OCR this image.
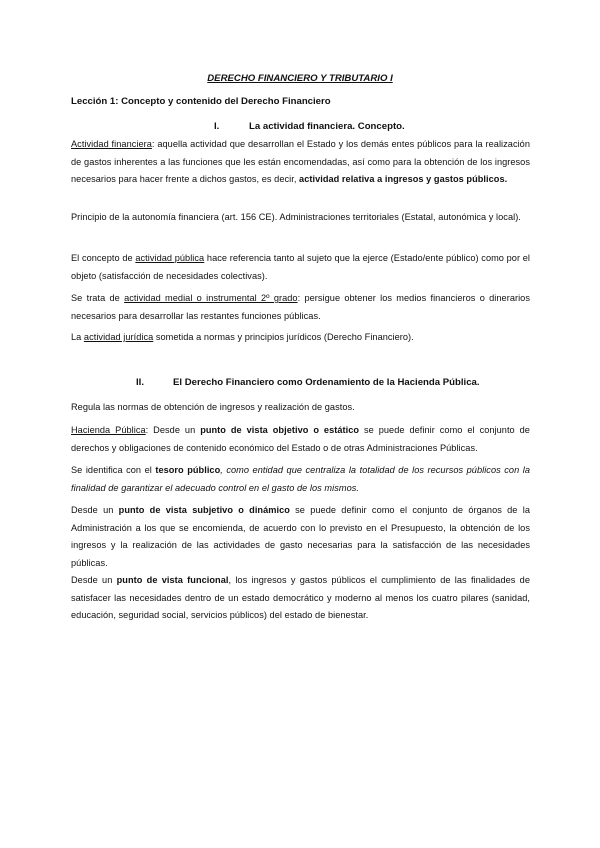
DERECHO FINANCIERO Y TRIBUTARIO I
Lección 1: Concepto y contenido del Derecho Financiero
I.	La actividad financiera. Concepto.
Actividad financiera: aquella actividad que desarrollan el Estado y los demás entes públicos para la realización de gastos inherentes a las funciones que les están encomendadas, así como para la obtención de los ingresos necesarios para hacer frente a dichos gastos, es decir, actividad relativa a ingresos y gastos públicos.
Principio de la autonomía financiera (art. 156 CE). Administraciones territoriales (Estatal, autonómica y local).
El concepto de actividad pública hace referencia tanto al sujeto que la ejerce (Estado/ente público) como por el objeto (satisfacción de necesidades colectivas).
Se trata de actividad medial o instrumental 2º grado: persigue obtener los medios financieros o dinerarios necesarios para desarrollar las restantes funciones públicas.
La actividad jurídica sometida a normas y principios jurídicos (Derecho Financiero).
II.	El Derecho Financiero como Ordenamiento de la Hacienda Pública.
Regula las normas de obtención de ingresos y realización de gastos.
Hacienda Pública: Desde un punto de vista objetivo o estático se puede definir como el conjunto de derechos y obligaciones de contenido económico del Estado o de otras Administraciones Públicas.
Se identifica con el tesoro público, como entidad que centraliza la totalidad de los recursos públicos con la finalidad de garantizar el adecuado control en el gasto de los mismos.
Desde un punto de vista subjetivo o dinámico se puede definir como el conjunto de órganos de la Administración a los que se encomienda, de acuerdo con lo previsto en el Presupuesto, la obtención de los ingresos y la realización de las actividades de gasto necesarias para la satisfacción de las necesidades públicas.
Desde un punto de vista funcional, los ingresos y gastos públicos el cumplimiento de las finalidades de satisfacer las necesidades dentro de un estado democrático y moderno al menos los cuatro pilares (sanidad, educación, seguridad social, servicios públicos) del estado de bienestar.
